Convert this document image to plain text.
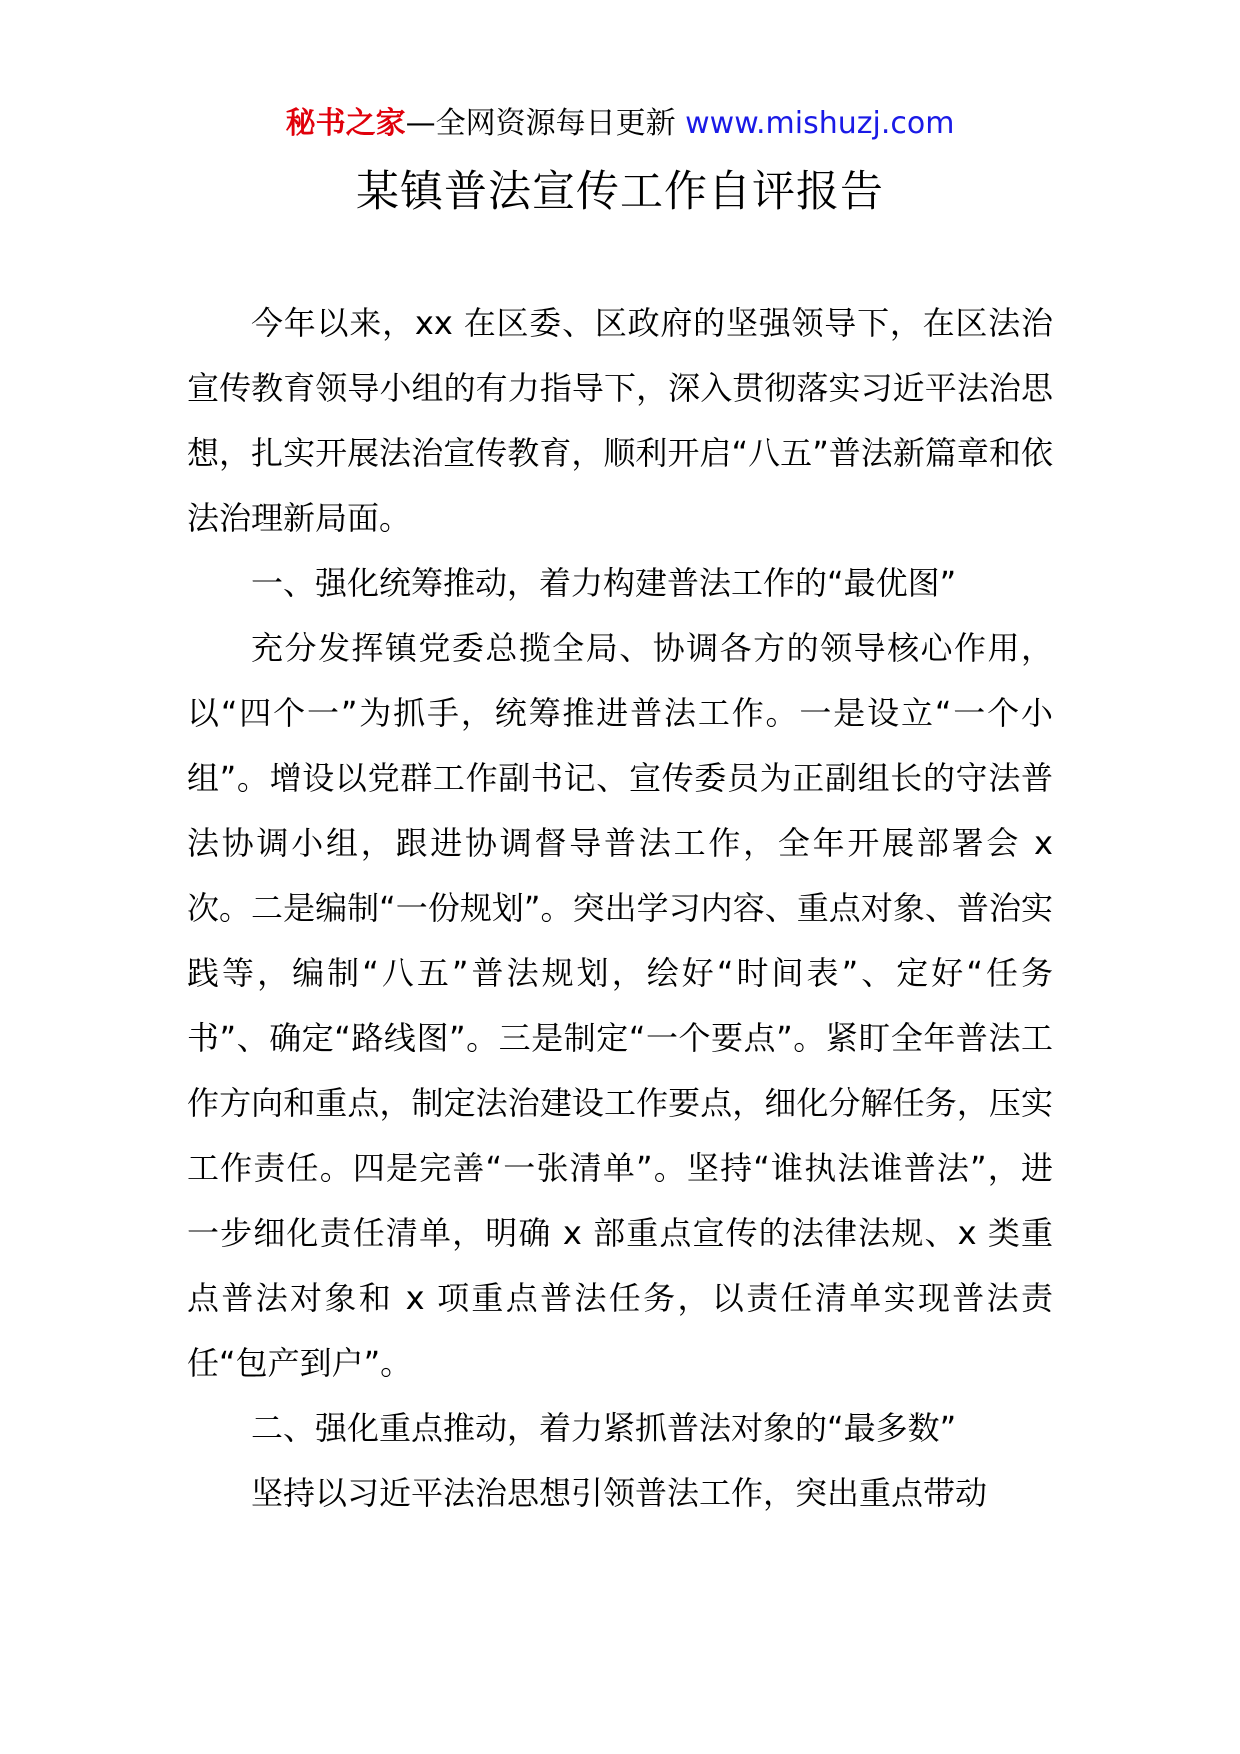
秘书之家—全网资源每日更新 www.mishuzj.com
某镇普法宣传工作自评报告

今年以来，xx 在区委、区政府的坚强领导下，在区法治宣传教育领导小组的有力指导下，深入贯彻落实习近平法治思想，扎实开展法治宣传教育，顺利开启“八五”普法新篇章和依法治理新局面。

一、强化统筹推动，着力构建普法工作的“最优图”

充分发挥镇党委总揽全局、协调各方的领导核心作用，以“四个一”为抓手，统筹推进普法工作。一是设立“一个小组”。增设以党群工作副书记、宣传委员为正副组长的守法普法协调小组，跟进协调督导普法工作，全年开展部署会 x 次。二是编制“一份规划”。突出学习内容、重点对象、普治实践等，编制“八五”普法规划，绘好“时间表”、定好“任务书”、确定“路线图”。三是制定“一个要点”。紧盯全年普法工作方向和重点，制定法治建设工作要点，细化分解任务，压实工作责任。四是完善“一张清单”。坚持“谁执法谁普法”，进一步细化责任清单，明确 x 部重点宣传的法律法规、x 类重点普法对象和 x 项重点普法任务，以责任清单实现普法责任“包产到户”。

二、强化重点推动，着力紧抓普法对象的“最多数”

坚持以习近平法治思想引领普法工作，突出重点带动
